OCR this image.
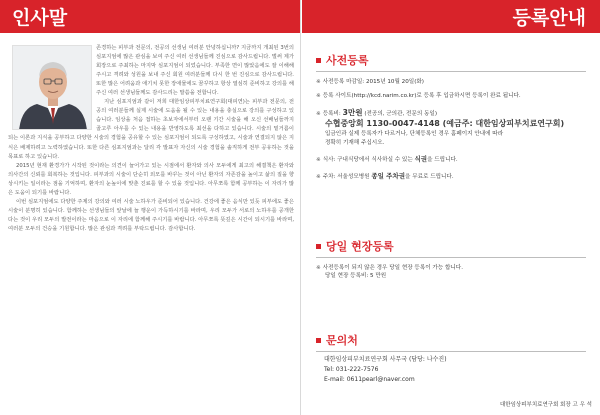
인사말

존경하는 피부과 전문의, 전공의 선생님 여러분 안녕하십니까? 지금까지 개최된 3번의 심포지엄에 많은 관심을 보여 주신 여러 선생님들께 진심으로 감사드립니다. 벌써 제가 회장으로 주최하는 마지막 심포지엄이 되었습니다. 부족한 면이 많았음에도 잘 이해해 주시고 격려와 성원을 보내 주신 회원 여러분들께 다시 한 번 진심으로 감사드립니다. 또한 많은 어려움과 애기치 못한 장애물에도 꿈꾸하고 항상 열심히 준비하고 강의를 해 주신 여러 선생님들께도 감사드리는 말씀을 전합니다.

지난 심포지엄과 같이 저희 대한임상피부치료연구회(대피연)는 피부과 전문의, 전공의 여러분들께 실제 시술에 도움을 될 수 있는 내용을 충실으로 강의를 구성하고 있습니다. 임상을 처음 접하는 초보자에서부터 오랜 기간 시술을 해 오신 선배님들까지 골고루 아우를 수 있는 내용을 반영하도록 최선을 다하고 있습니다. 시술의 밑거름이 되는 이론과 지식을 공부하고 다양한 시술의 경험을 공유할 수 있는 심포지엄이 되도록 구성하였고, 시술과 연결되지 않은 지식은 배제하려고 노력하였습니다. 또한 다른 심포지엄과는 달리 각 발표자 자신의 시술 경험을 솔직하게 전부 공유하는 것을 목표로 하고 있습니다.

2015년 현재 환경가가 시작된 것이라는 의견이 늘어가고 있는 시점에서 환자와 의사 모두에게 최고의 해결책은 환자와 의사간의 신뢰를 회복하는 것입니다. 피부과의 시술이 단순히 외모를 바꾸는 것이 아닌 환자의 자존감을 높이고 삶의 질을 향상시키는 일이라는 점을 기억하며, 환자의 눈높이에 맞춘 진료를 할 수 있을 것입니다. 아무쪼록 함께 공부하는 이 자리가 많은 도움이 되기를 바랍니다.

이번 심포지엄에도 다양한 주제의 강의와 여러 시술 노하우가 준비되어 있습니다. 건강에 좋은 음식만 있듯 피부에도 좋은 시술이 분명히 있습니다. 함께하는 선생님들의 앞날에 늘 행운이 가득하시기를 바라며, 우리 모두가 서로의 노하우를 공개한다는 것이 우리 모두의 발전이라는 마음으로 이 자리에 함께해 주시기를 바랍니다. 아무쪼록 뜻깊은 시간이 되시기를 바라며, 여러분 모두의 건승을 기원합니다. 많은 관심과 격려를 부탁드립니다. 감사합니다.

대한임상피부치료연구회 회장 고 우 석
등록안내
사전등록
※ 사전등록 마감일: 2015년 10월 20일(화)
※ 등록 사이트(http://kcd.narim.co.kr)로 등록 후 입금하시면 등록이 완료 됩니다.
※ 등록비: 3만원 (전공의, 군의관, 전문의 동일)
수협중앙회 1130-0047-4148 (예금주: 대한임상피부치료연구회)
입금인과 실제 등록자가 다르거나, 단체등록인 경우 홈페이지 안내에 따라
정확히 기재해 주십시오.
※ 식사: 구내식당에서 식사하실 수 있는 식권을 드립니다.
※ 주차: 서울성모병원 종일 주차권을 무료로 드립니다.
당일 현장등록
※ 사전등록이 되지 않은 경우 당일 현장 등록이 가능 합니다.
당일 현장 등록비: 5 만원
문의처
대한임상피부치료연구회 사무국 (담당: 나수진)
Tel: 031-222-7576
E-mail: 0611pearl@naver.com
